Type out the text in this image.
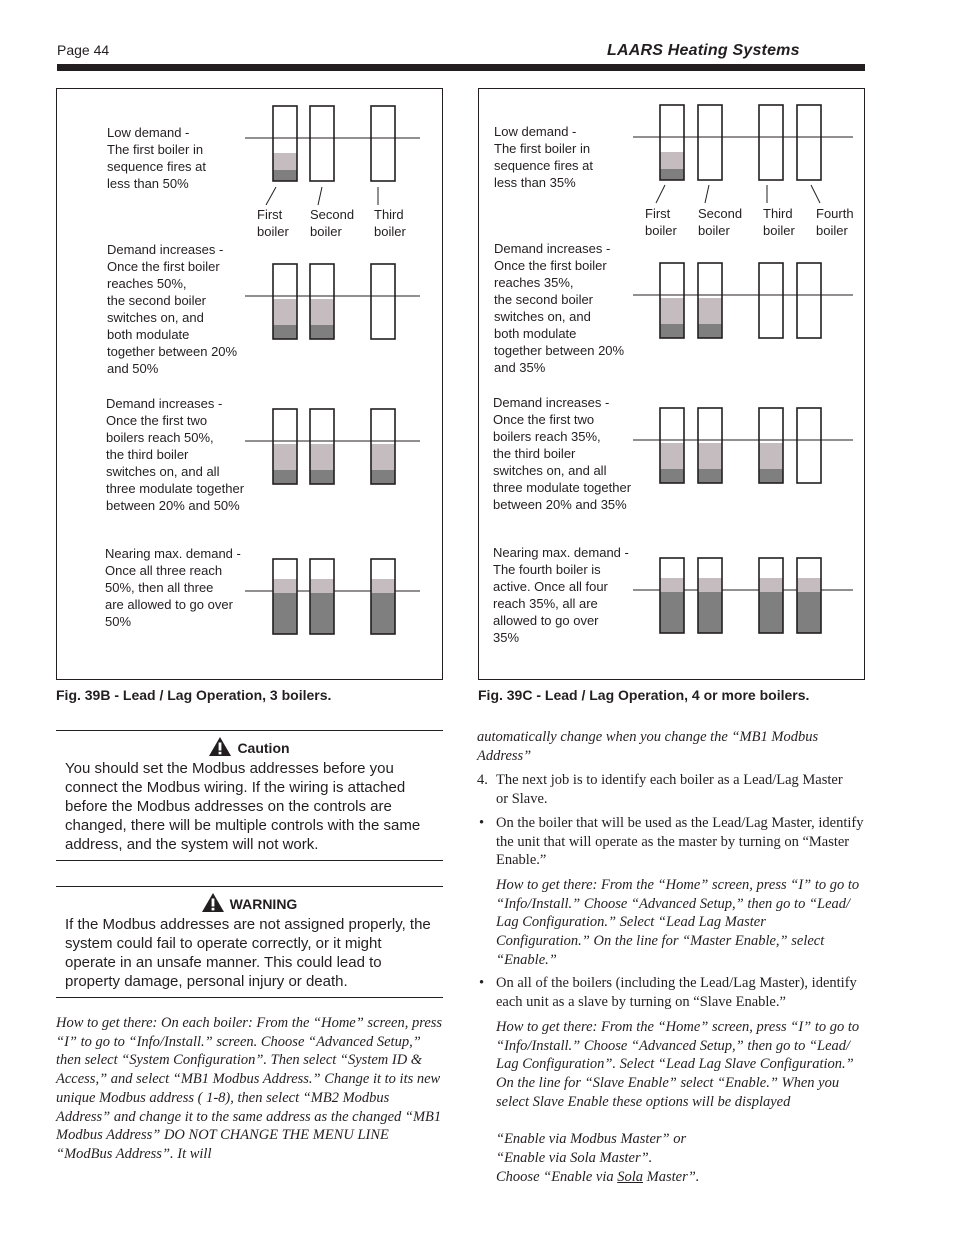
Page 44	LAARS Heating Systems
Low demand -
The first boiler in
sequence fires at
less than 50%
Demand increases -
Once the first boiler
reaches 50%,
the second boiler
switches on, and
both modulate
together between 20%
and 50%
Demand increases -
Once the first two
boilers reach 50%,
the third boiler
switches on, and all
three modulate together
between 20% and 50%
Nearing max. demand -
Once all three reach
50%, then all three
are allowed to go over
50%
First
boiler
Second
boiler
Third
boiler
Fig. 39B - Lead / Lag Operation, 3 boilers.
Low demand -
The first boiler in
sequence fires at
less than 35%
Demand increases -
Once the first boiler
reaches 35%,
the second boiler
switches on, and
both modulate
together between 20%
and 35%
Demand increases -
Once the first two
boilers reach 35%,
the third boiler
switches on, and all
three modulate together
between 20% and 35%
Nearing max. demand -
The fourth boiler is
active. Once all four
reach 35%, all are
allowed to go over
35%
First
boiler
Second
boiler
Third
boiler
Fourth
boiler
Fig. 39C - Lead / Lag Operation, 4 or more boilers.
Caution
You should set the Modbus addresses before you connect the Modbus wiring. If the wiring is attached before the Modbus addresses on the controls are changed, there will be multiple controls with the same address, and the system will not work.
WARNING
If the Modbus addresses are not assigned properly, the system could fail to operate correctly, or it might operate in an unsafe manner. This could lead to property damage, personal injury or death.
How to get there: On each boiler: From the “Home” screen, press “I” to go to “Info/Install.” screen. Choose “Advanced Setup,” then select “System Configuration”. Then select “System ID & Access,” and select “MB1 Modbus Address.” Change it to its new unique Modbus address ( 1-8), then select “MB2 Modbus Address” and change it to the same address as the changed “MB1 Modbus Address” DO NOT CHANGE THE MENU LINE “ModBus Address”. It will
automatically change when you change the “MB1 Modbus Address”
4. The next job is to identify each boiler as a Lead/Lag Master or Slave.
• On the boiler that will be used as the Lead/Lag Master, identify the unit that will operate as the master by turning on “Master Enable.”
How to get there: From the “Home” screen, press “I” to go to “Info/Install.” Choose “Advanced Setup,” then go to “Lead/ Lag Configuration.” Select “Lead Lag Master Configuration.” On the line for “Master Enable,” select “Enable.”
• On all of the boilers (including the Lead/Lag Master), identify each unit as a slave by turning on “Slave Enable.”
How to get there: From the “Home” screen, press “I” to go to “Info/Install.” Choose “Advanced Setup,” then go to “Lead/ Lag Configuration”. Select “Lead Lag Slave Configuration.” On the line for “Slave Enable” select “Enable.” When you select Slave Enable these options will be displayed
“Enable via Modbus Master” or
“Enable via Sola Master”.
Choose “Enable via Sola Master”.
